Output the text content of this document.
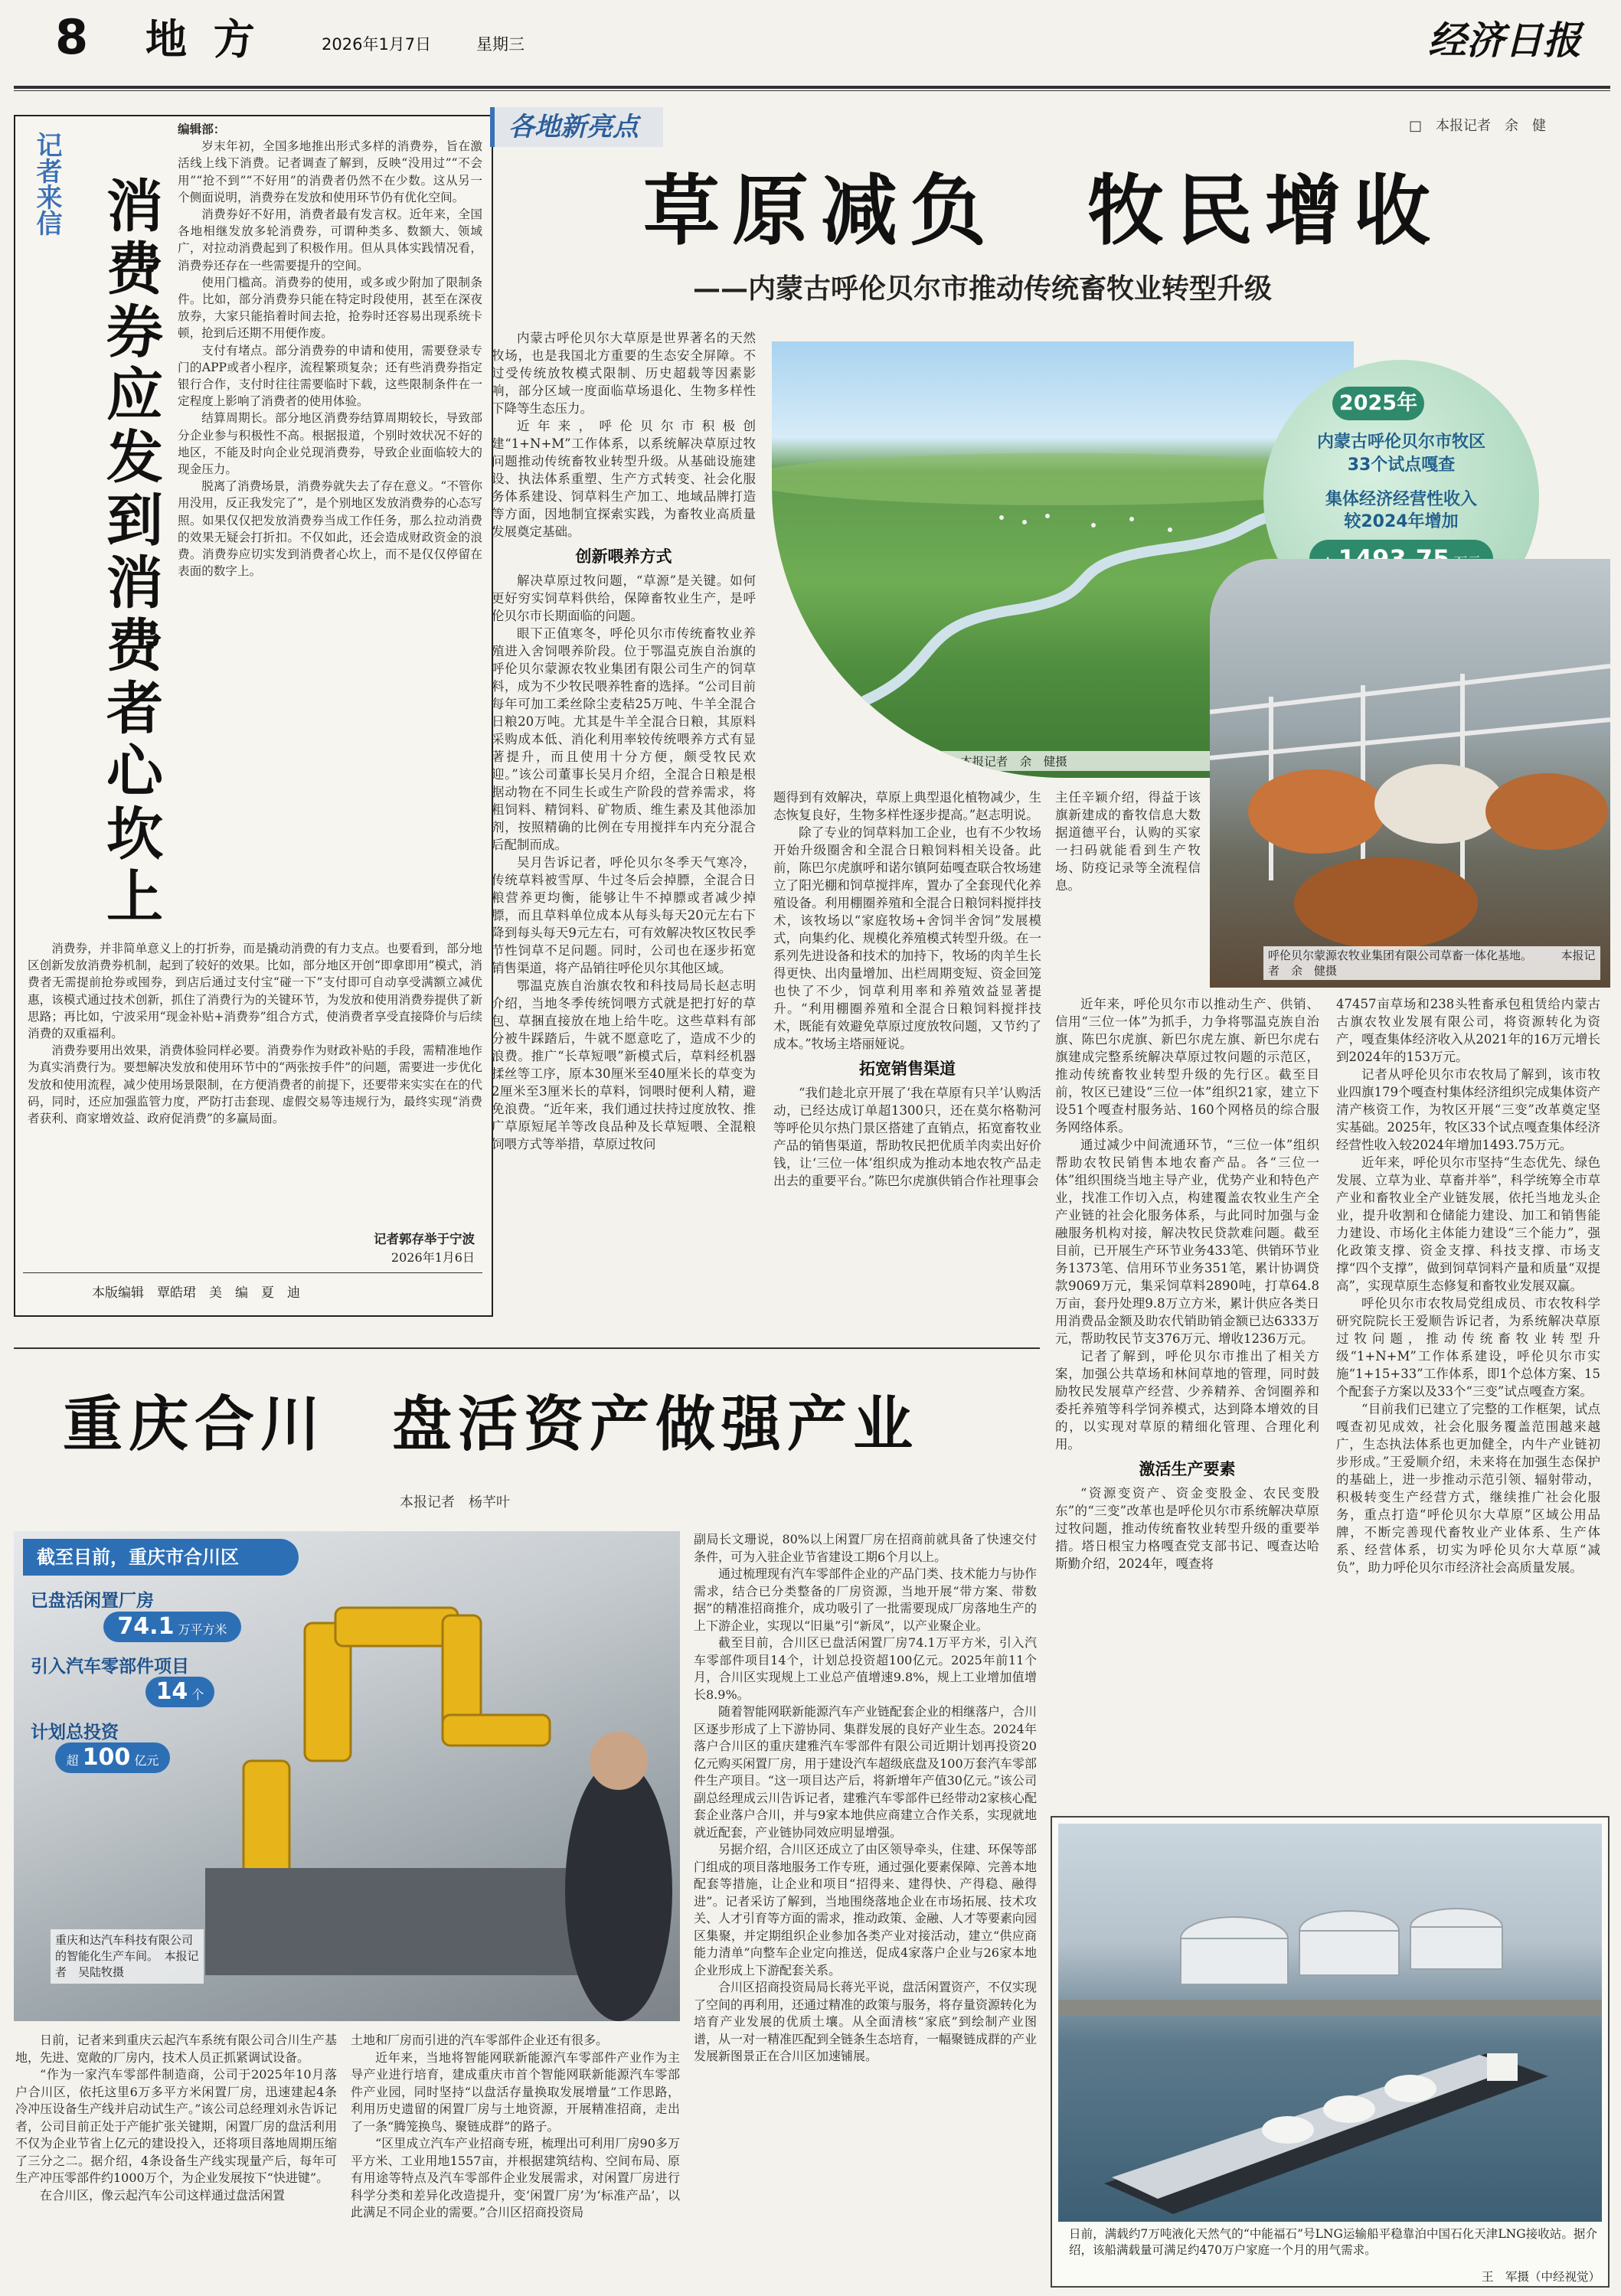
8 地 方	2026年1月7日	星期三	经济日报
记者来信 消费券应发到消费者心坎上
编辑部：

岁末年初，全国多地推出形式多样的消费券，旨在激活线上线下消费。记者调查了解到，反映“没用过”“不会用”“抢不到”“不好用”的消费者仍然不在少数。这从另一个侧面说明，消费券在发放和使用环节仍有优化空间。

消费券好不好用，消费者最有发言权。近年来，全国各地相继发放多轮消费券，可谓种类多、数额大、领域广，对拉动消费起到了积极作用。但从具体实践情况看，消费券还存在一些需要提升的空间。

使用门槛高。消费券的使用，或多或少附加了限制条件。比如，部分消费券只能在特定时段使用，甚至在深夜放券，大家只能掐着时间去抢，抢券时还容易出现系统卡顿，抢到后还期不用便作废。

支付有堵点。部分消费券的申请和使用，需要登录专门的APP或者小程序，流程繁琐复杂；还有些消费券指定银行合作，支付时往往需要临时下载，这些限制条件在一定程度上影响了消费者的使用体验。

结算周期长。部分地区消费券结算周期较长，导致部分企业参与积极性不高。根据报道，个别时效状况不好的地区，不能及时向企业兑现消费券，导致企业面临较大的现金压力。

脱离了消费场景，消费券就失去了存在意义。“不管你用没用，反正我发完了”，是个别地区发放消费券的心态写照。如果仅仅把发放消费券当成工作任务，那么拉动消费的效果无疑会打折扣。不仅如此，还会造成财政资金的浪费。消费券应切实发到消费者心坎上，而不是仅仅停留在表面的数字上。

消费券，并非简单意义上的打折券，而是撬动消费的有力支点。也要看到，部分地区创新发放消费券机制，起到了较好的效果。比如，部分地区开创“即拿即用”模式，消费者无需提前抢券或囤券，到店后通过支付宝“碰一下”支付即可自动享受满额立减优惠，该模式通过技术创新，抓住了消费行为的关键环节，为发放和使用消费券提供了新思路；再比如，宁波采用“现金补贴+消费券”组合方式，使消费者享受直接降价与后续消费的双重福利。

消费券要用出效果，消费体验同样必要。消费券作为财政补贴的手段，需精准地作为真实消费行为。要想解决发放和使用环节中的“两张按手件”的问题，需要进一步优化发放和使用流程，减少使用场景限制，在方便消费者的前提下，还要带来实实在在的代码，同时，还应加强监管力度，严防打击套现、虚假交易等违规行为，最终实现“消费者获利、商家增效益、政府促消费”的多赢局面。

记者郭存举于宁波
2026年1月6日
本版编辑　覃皓珺　美　编　夏　迪
各地新亮点	□　本报记者　余　健
草原减负　牧民增收
——内蒙古呼伦贝尔市推动传统畜牧业转型升级
夏季的呼伦贝尔大草原。　本报记者　余　健摄
2025年
内蒙古呼伦贝尔市牧区
33个试点嘎查
集体经济经营性收入
较2024年增加
呼伦贝尔蒙源农牧业集团有限公司草畜一体化基地。　　　本报记者　余　健摄

内蒙古呼伦贝尔大草原是世界著名的天然牧场，也是我国北方重要的生态安全屏障。不过受传统放牧模式限制、历史超载等因素影响，部分区域一度面临草场退化、生物多样性下降等生态压力。

近年来，呼伦贝尔市积极创建“1+N+M”工作体系，以系统解决草原过牧问题推动传统畜牧业转型升级。从基础设施建设、执法体系重塑、生产方式转变、社会化服务体系建设、饲草料生产加工、地域品牌打造等方面，因地制宜探索实践，为畜牧业高质量发展奠定基础。

创新喂养方式

解决草原过牧问题，“草源”是关键。如何更好穷实饲草料供给，保障畜牧业生产，是呼伦贝尔市长期面临的问题。

眼下正值寒冬，呼伦贝尔市传统畜牧业养殖进入舍饲喂养阶段。位于鄂温克族自治旗的呼伦贝尔蒙源农牧业集团有限公司生产的饲草料，成为不少牧民喂养牲畜的选择。“公司目前每年可加工柔丝除尘麦秸25万吨、牛羊全混合日粮20万吨。尤其是牛羊全混合日粮，其原料采购成本低、消化利用率较传统喂养方式有显著提升，而且使用十分方便，颇受牧民欢迎。”该公司董事长吴月介绍，全混合日粮是根据动物在不同生长或生产阶段的营养需求，将粗饲料、精饲料、矿物质、维生素及其他添加剂，按照精确的比例在专用搅拌车内充分混合后配制而成。

吴月告诉记者，呼伦贝尔冬季天气寒冷，传统草料被雪厚、牛过冬后会掉膘，全混合日粮营养更均衡，能够让牛不掉膘或者减少掉膘，而且草料单位成本从每头每天20元左右下降到每头每天9元左右，可有效解决牧区牧民季节性饲草不足问题。同时，公司也在逐步拓宽销售渠道，将产品销往呼伦贝尔其他区域。

鄂温克族自治旗农牧和科技局局长赵志明介绍，当地冬季传统饲喂方式就是把打好的草包、草捆直接放在地上给牛吃。这些草料有部分被牛踩踏后，牛就不愿意吃了，造成不少的浪费。推广“长草短喂”新模式后，草料经机器揉丝等工序，原本30厘米至40厘米长的草变为2厘米至3厘米长的草料，饲喂时便利人精，避免浪费。“近年来，我们通过扶持过度放牧、推广草原短尾羊等改良品种及长草短喂、全混粮饲喂方式等举措，草原过牧问

题得到有效解决，草原上典型退化植物减少，生态恢复良好，生物多样性逐步提高。”赵志明说。

除了专业的饲草料加工企业，也有不少牧场开始升级圈舍和全混合日粮饲料相关设备。此前，陈巴尔虎旗呼和诺尔镇阿茹嘎查联合牧场建立了阳光棚和饲草搅拌库，置办了全套现代化养殖设备。利用棚圈养殖和全混合日粮饲料搅拌技术，该牧场以“家庭牧场+舍饲半舍饲”发展模式，向集约化、规模化养殖模式转型升级。在一系列先进设备和技术的加持下，牧场的肉羊生长得更快、出肉量增加、出栏周期变短、资金回笼也快了不少，饲草利用率和养殖效益显著提升。“利用棚圈养殖和全混合日粮饲料搅拌技术，既能有效避免草原过度放牧问题，又节约了成本。”牧场主塔丽娅说。

拓宽销售渠道

“我们趁北京开展了‘我在草原有只羊’认购活动，已经达成订单超1300只，还在莫尔格勒河等呼伦贝尔热门景区搭建了直销点，拓宽畜牧业产品的销售渠道，帮助牧民把优质羊肉卖出好价钱，让‘三位一体’组织成为推动本地农牧产品走出去的重要平台。”陈巴尔虎旗供销合作社理事会

主任辛颖介绍，得益于该旗新建成的畜牧信息大数据道德平台，认购的买家一扫码就能看到生产牧场、防疫记录等全流程信息。

近年来，呼伦贝尔市以推动生产、供销、信用“三位一体”为抓手，力争将鄂温克族自治旗、陈巴尔虎旗、新巴尔虎左旗、新巴尔虎右旗建成完整系统解决草原过牧问题的示范区，推动传统畜牧业转型升级的先行区。截至目前，牧区已建设“三位一体”组织21家，建立下设51个嘎查村服务站、160个网格员的综合服务网络体系。

通过减少中间流通环节，“三位一体”组织帮助农牧民销售本地农畜产品。各“三位一体”组织围绕当地主导产业，优势产业和特色产业，找准工作切入点，构建覆盖农牧业生产全产业链的社会化服务体系，与此同时加强与金融服务机构对接，解决牧民贷款难问题。截至目前，已开展生产环节业务433笔、供销环节业务1373笔、信用环节业务351笔，累计协调贷款9069万元，集采饲草料2890吨，打草64.8万亩，套丹处理9.8万立方米，累计供应各类日用消费品金额及助农代销助销金额已达6333万元，帮助牧民节支376万元、增收1236万元。

记者了解到，呼伦贝尔市推出了相关方案，加强公共草场和林间草地的管理，同时鼓励牧民发展草产经营、少养精养、舍饲圈养和委托养殖等科学饲养模式，达到降本增效的目的，以实现对草原的精细化管理、合理化利用。

激活生产要素

“资源变资产、资金变股金、农民变股东”的“三变”改革也是呼伦贝尔市系统解决草原过牧问题，推动传统畜牧业转型升级的重要举措。塔日根宝力格嘎查党支部书记、嘎查达哈斯勤介绍，2024年，嘎查将

47457亩草场和238头牲畜承包租赁给内蒙古古旗农牧业发展有限公司，将资源转化为资产，嘎查集体经济收入从2021年的16万元增长到2024年的153万元。

记者从呼伦贝尔市农牧局了解到，该市牧业四旗179个嘎查村集体经济组织完成集体资产清产核资工作，为牧区开展“三变”改革奠定坚实基础。2025年，牧区33个试点嘎查集体经济经营性收入较2024年增加1493.75万元。

近年来，呼伦贝尔市坚持“生态优先、绿色发展、立草为业、草畜并举”，科学统筹全市草产业和畜牧业全产业链发展，依托当地龙头企业，提升收割和仓储能力建设、加工和销售能力建设、市场化主体能力建设“三个能力”，强化政策支撑、资金支撑、科技支撑、市场支撑“四个支撑”，做到饲草饲料产量和质量“双提高”，实现草原生态修复和畜牧业发展双赢。

呼伦贝尔市农牧局党组成员、市农牧科学研究院院长王爱顺告诉记者，为系统解决草原过牧问题，推动传统畜牧业转型升级“1+N+M”工作体系建设，呼伦贝尔市实施“1+15+33”工作体系，即1个总体方案、15个配套子方案以及33个“三变”试点嘎查方案。

“目前我们已建立了完整的工作框架，试点嘎查初见成效，社会化服务覆盖范围越来越广，生态执法体系也更加健全，内牛产业链初步形成。”王爱顺介绍，未来将在加强生态保护的基础上，进一步推动示范引领、辐射带动，积极转变生产经营方式，继续推广社会化服务，重点打造“呼伦贝尔大草原”区域公用品牌，不断完善现代畜牧业产业体系、生产体系、经营体系，切实为呼伦贝尔大草原“减负”，助力呼伦贝尔市经济社会高质量发展。

重庆合川　盘活资产做强产业
本报记者　杨芊叶
重庆和达汽车科技有限公司的智能化生产车间。　本报记者　吴陆牧摄
截至目前，重庆市合川区
已盘活闲置厂房
74.1 万平方米
引入汽车零部件项目
14 个
计划总投资
超 100 亿元

日前，记者来到重庆云起汽车系统有限公司合川生产基地，先进、宽敞的厂房内，技术人员正抓紧调试设备。

“作为一家汽车零部件制造商，公司于2025年10月落户合川区，依托这里6万多平方米闲置厂房，迅速建起4条冷冲压设备生产线并启动试生产。”该公司总经理刘永告诉记者，公司目前正处于产能扩张关键期，闲置厂房的盘活利用不仅为企业节省上亿元的建设投入，还将项目落地周期压缩了三分之二。据介绍，4条设备生产线实现量产后，每年可生产冲压零部件约1000万个，为企业发展按下“快进键”。

在合川区，像云起汽车公司这样通过盘活闲置

土地和厂房而引进的汽车零部件企业还有很多。

近年来，当地将智能网联新能源汽车零部件产业作为主导产业进行培育，建成重庆市首个智能网联新能源汽车零部件产业园，同时坚持“以盘活存量换取发展增量”工作思路，利用历史遗留的闲置厂房与土地资源，开展精准招商，走出了一条“腾笼换鸟、聚链成群”的路子。

“区里成立汽车产业招商专班，梳理出可利用厂房90多万平方米、工业用地1557亩，并根据建筑结构、空间布局、原有用途等特点及汽车零部件企业发展需求，对闲置厂房进行科学分类和差异化改造提升，变‘闲置厂房’为‘标准产品’，以此满足不同企业的需要。”合川区招商投资局

副局长文珊说，80%以上闲置厂房在招商前就具备了快速交付条件，可为入驻企业节省建设工期6个月以上。

通过梳理现有汽车零部件企业的产品门类、技术能力与协作需求，结合已分类整备的厂房资源，当地开展“带方案、带数据”的精准招商推介，成功吸引了一批需要现成厂房落地生产的上下游企业，实现以“旧巢”引“新凤”，以产业聚企业。

截至目前，合川区已盘活闲置厂房74.1万平方米，引入汽车零部件项目14个，计划总投资超100亿元。2025年前11个月，合川区实现规上工业总产值增速9.8%，规上工业增加值增长8.9%。

随着智能网联新能源汽车产业链配套企业的相继落户，合川区逐步形成了上下游协同、集群发展的良好产业生态。2024年落户合川区的重庆建雅汽车零部件有限公司近期计划再投资20亿元购买闲置厂房，用于建设汽车超级底盘及100万套汽车零部件生产项目。“这一项目达产后，将新增年产值30亿元。”该公司副总经理成云川告诉记者，建雅汽车零部件已经带动2家核心配套企业落户合川，并与9家本地供应商建立合作关系，实现就地就近配套，产业链协同效应明显增强。

另据介绍，合川区还成立了由区领导牵头，住建、环保等部门组成的项目落地服务工作专班，通过强化要素保障、完善本地配套等措施，让企业和项目“招得来、建得快、产得稳、融得进”。记者采访了解到，当地围绕落地企业在市场拓展、技术攻关、人才引育等方面的需求，推动政策、金融、人才等要素向园区集聚，并定期组织企业参加各类产业对接活动，建立“供应商能力清单”向整车企业定向推送，促成4家落户企业与26家本地企业形成上下游配套关系。

合川区招商投资局局长蒋光平说，盘活闲置资产，不仅实现了空间的再利用，还通过精准的政策与服务，将存量资源转化为培育产业发展的优质土壤。从全面清核“家底”到绘制产业图谱，从一对一精准匹配到全链条生态培育，一幅聚链成群的产业发展新图景正在合川区加速铺展。

日前，满载约7万吨液化天然气的“中能福石”号LNG运输船平稳靠泊中国石化天津LNG接收站。据介绍，该船满载量可满足约470万户家庭一个月的用气需求。
王　军摄（中经视觉）
